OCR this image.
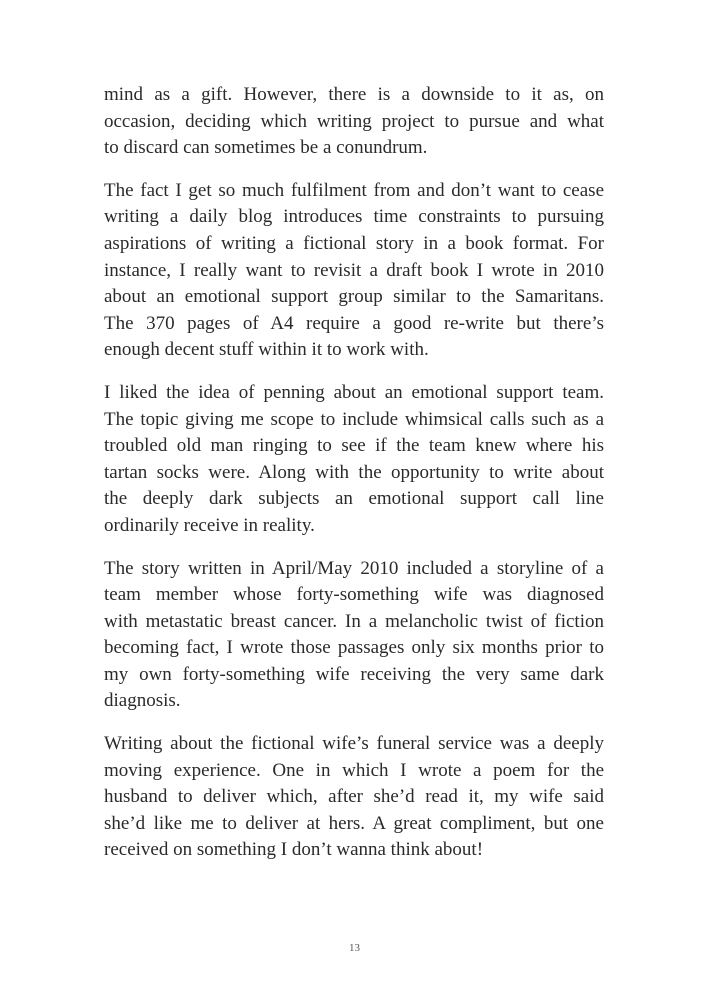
mind as a gift. However, there is a downside to it as, on
occasion, deciding which writing project to pursue and what
to discard can sometimes be a conundrum.
The fact I get so much fulfilment from and don’t want to cease
writing a daily blog introduces time constraints to pursuing
aspirations of writing a fictional story in a book format. For
instance, I really want to revisit a draft book I wrote in 2010
about an emotional support group similar to the Samaritans.
The 370 pages of A4 require a good re-write but there’s
enough decent stuff within it to work with.
I liked the idea of penning about an emotional support team.
The topic giving me scope to include whimsical calls such as a
troubled old man ringing to see if the team knew where his
tartan socks were. Along with the opportunity to write about
the deeply dark subjects an emotional support call line
ordinarily receive in reality.
The story written in April/May 2010 included a storyline of a
team member whose forty-something wife was diagnosed
with metastatic breast cancer. In a melancholic twist of fiction
becoming fact, I wrote those passages only six months prior to
my own forty-something wife receiving the very same dark
diagnosis.
Writing about the fictional wife’s funeral service was a deeply
moving experience. One in which I wrote a poem for the
husband to deliver which, after she’d read it, my wife said
she’d like me to deliver at hers. A great compliment, but one
received on something I don’t wanna think about!
13
